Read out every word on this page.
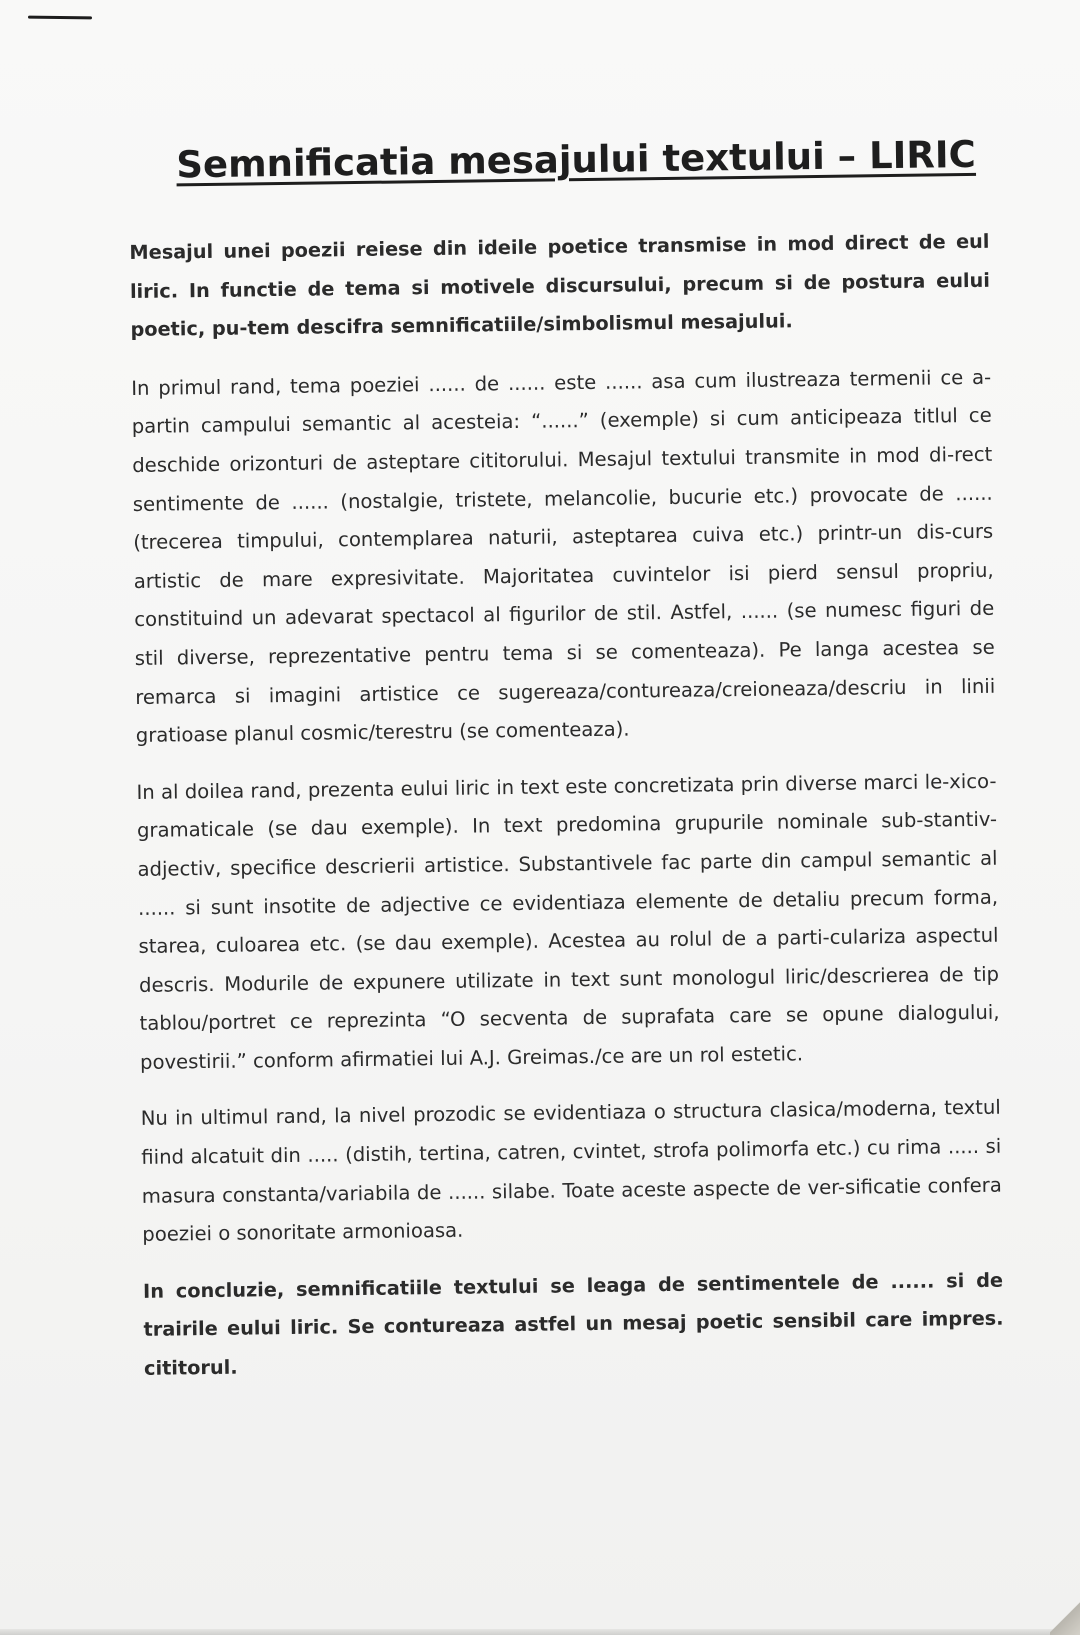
Semnificatia mesajului textului – LIRIC

Mesajul unei poezii reiese din ideile poetice transmise in mod direct de eul liric. In functie de tema si motivele discursului, precum si de postura eului poetic, pu-tem descifra semnificatiile/simbolismul mesajului.

In primul rand, tema poeziei ...... de ...... este ...... asa cum ilustreaza termenii ce a-partin campului semantic al acesteia: “......” (exemple) si cum anticipeaza titlul ce deschide orizonturi de asteptare cititorului. Mesajul textului transmite in mod di-rect sentimente de ...... (nostalgie, tristete, melancolie, bucurie etc.) provocate de ...... (trecerea timpului, contemplarea naturii, asteptarea cuiva etc.) printr-un dis-curs artistic de mare expresivitate. Majoritatea cuvintelor isi pierd sensul propriu, constituind un adevarat spectacol al figurilor de stil. Astfel, ...... (se numesc figuri de stil diverse, reprezentative pentru tema si se comenteaza). Pe langa acestea se remarca si imagini artistice ce sugereaza/contureaza/creioneaza/descriu in linii gratioase planul cosmic/terestru (se comenteaza).

In al doilea rand, prezenta eului liric in text este concretizata prin diverse marci le-xico-gramaticale (se dau exemple). In text predomina grupurile nominale sub-stantiv-adjectiv, specifice descrierii artistice. Substantivele fac parte din campul semantic al ...... si sunt insotite de adjective ce evidentiaza elemente de detaliu precum forma, starea, culoarea etc. (se dau exemple). Acestea au rolul de a parti-culariza aspectul descris. Modurile de expunere utilizate in text sunt monologul liric/descrierea de tip tablou/portret ce reprezinta “O secventa de suprafata care se opune dialogului, povestirii.” conform afirmatiei lui A.J. Greimas./ce are un rol estetic.

Nu in ultimul rand, la nivel prozodic se evidentiaza o structura clasica/moderna, textul fiind alcatuit din ..... (distih, tertina, catren, cvintet, strofa polimorfa etc.) cu rima ..... si masura constanta/variabila de ...... silabe. Toate aceste aspecte de ver-sificatie confera poeziei o sonoritate armonioasa.

In concluzie, semnificatiile textului se leaga de sentimentele de ...... si de trairile eului liric. Se contureaza astfel un mesaj poetic sensibil care impres. cititorul.
